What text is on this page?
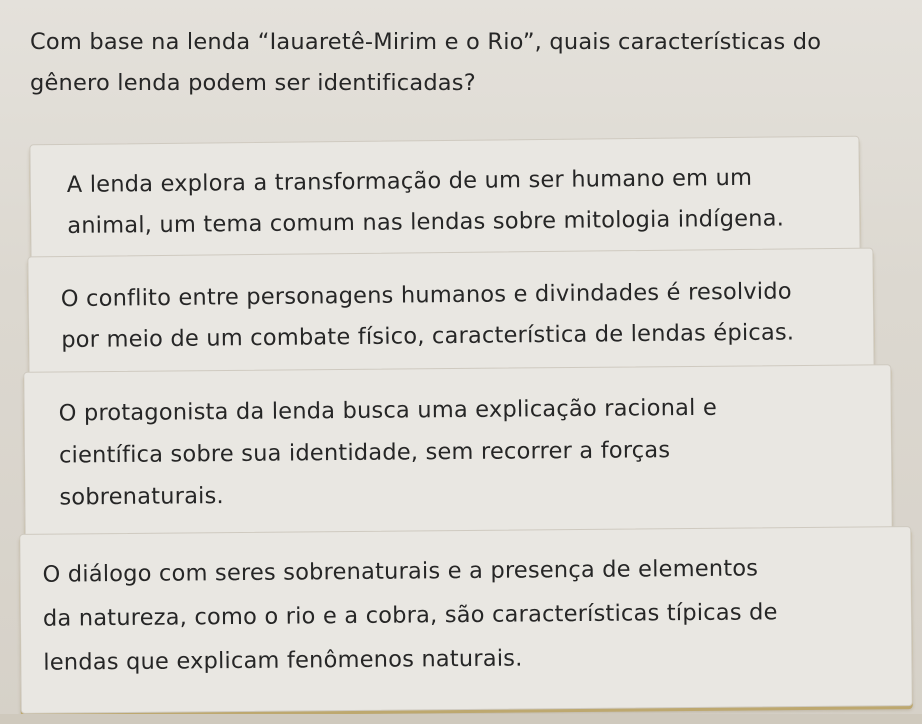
Com base na lenda “Iauaretê-Mirim e o Rio”, quais características do
gênero lenda podem ser identificadas?
A lenda explora a transformação de um ser humano em um
animal, um tema comum nas lendas sobre mitologia indígena.
O conflito entre personagens humanos e divindades é resolvido
por meio de um combate físico, característica de lendas épicas.
O protagonista da lenda busca uma explicação racional e
científica sobre sua identidade, sem recorrer a forças
sobrenaturais.
O diálogo com seres sobrenaturais e a presença de elementos
da natureza, como o rio e a cobra, são características típicas de
lendas que explicam fenômenos naturais.
